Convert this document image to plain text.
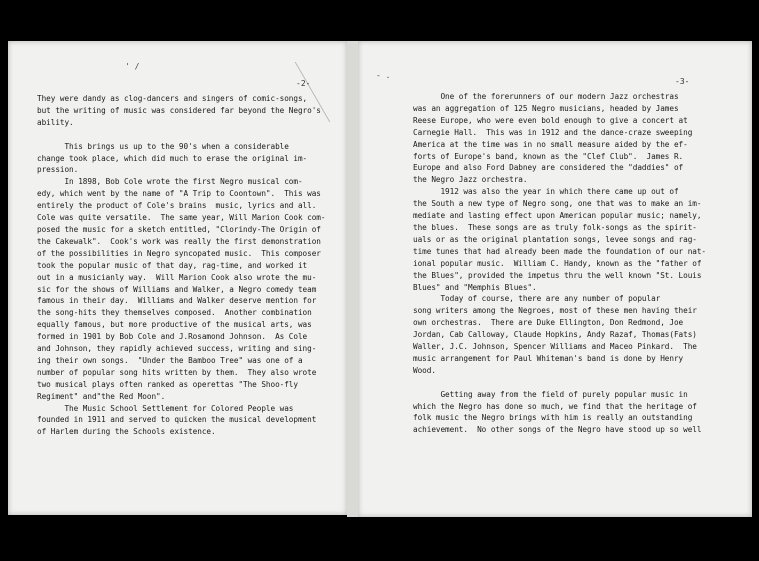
' /
-2-
They were dandy as clog-dancers and singers of comic-songs,
but the writing of music was considered far beyond the Negro's
ability.

This brings us up to the 90's when a considerable
change took place, which did much to erase the original im-
pression.
In 1898, Bob Cole wrote the first Negro musical com-
edy, which went by the name of "A Trip to Coontown".  This was
entirely the product of Cole's brains  music, lyrics and all.
Cole was quite versatile.  The same year, Will Marion Cook com-
posed the music for a sketch entitled, "Clorindy-The Origin of
the Cakewalk".  Cook's work was really the first demonstration
of the possibilities in Negro syncopated music.  This composer
took the popular music of that day, rag-time, and worked it
out in a musicianly way.  Will Marion Cook also wrote the mu-
sic for the shows of Williams and Walker, a Negro comedy team
famous in their day.  Williams and Walker deserve mention for
the song-hits they themselves composed.  Another combination
equally famous, but more productive of the musical arts, was
formed in 1901 by Bob Cole and J.Rosamond Johnson.  As Cole
and Johnson, they rapidly achieved success, writing and sing-
ing their own songs.  "Under the Bamboo Tree" was one of a
number of popular song hits written by them.  They also wrote
two musical plays often ranked as operettas "The Shoo-fly
Regiment" and"the Red Moon".
The Music School Settlement for Colored People was
founded in 1911 and served to quicken the musical development
of Harlem during the Schools existence.
- .
-3-
One of the forerunners of our modern Jazz orchestras
was an aggregation of 125 Negro musicians, headed by James
Reese Europe, who were even bold enough to give a concert at
Carnegie Hall.  This was in 1912 and the dance-craze sweeping
America at the time was in no small measure aided by the ef-
forts of Europe's band, known as the "Clef Club".  James R.
Europe and also Ford Dabney are considered the "daddies" of
the Negro Jazz orchestra.
1912 was also the year in which there came up out of
the South a new type of Negro song, one that was to make an im-
mediate and lasting effect upon American popular music; namely,
the blues.  These songs are as truly folk-songs as the spirit-
uals or as the original plantation songs, levee songs and rag-
time tunes that had already been made the foundation of our nat-
ional popular music.  William C. Handy, known as the "father of
the Blues", provided the impetus thru the well known "St. Louis
Blues" and "Memphis Blues".
Today of course, there are any number of popular
song writers among the Negroes, most of these men having their
own orchestras.  There are Duke Ellington, Don Redmond, Joe
Jordan, Cab Calloway, Claude Hopkins, Andy Razaf, Thomas(Fats)
Waller, J.C. Johnson, Spencer Williams and Maceo Pinkard.  The
music arrangement for Paul Whiteman's band is done by Henry
Wood.

Getting away from the field of purely popular music in
which the Negro has done so much, we find that the heritage of
folk music the Negro brings with him is really an outstanding
achievement.  No other songs of the Negro have stood up so well
